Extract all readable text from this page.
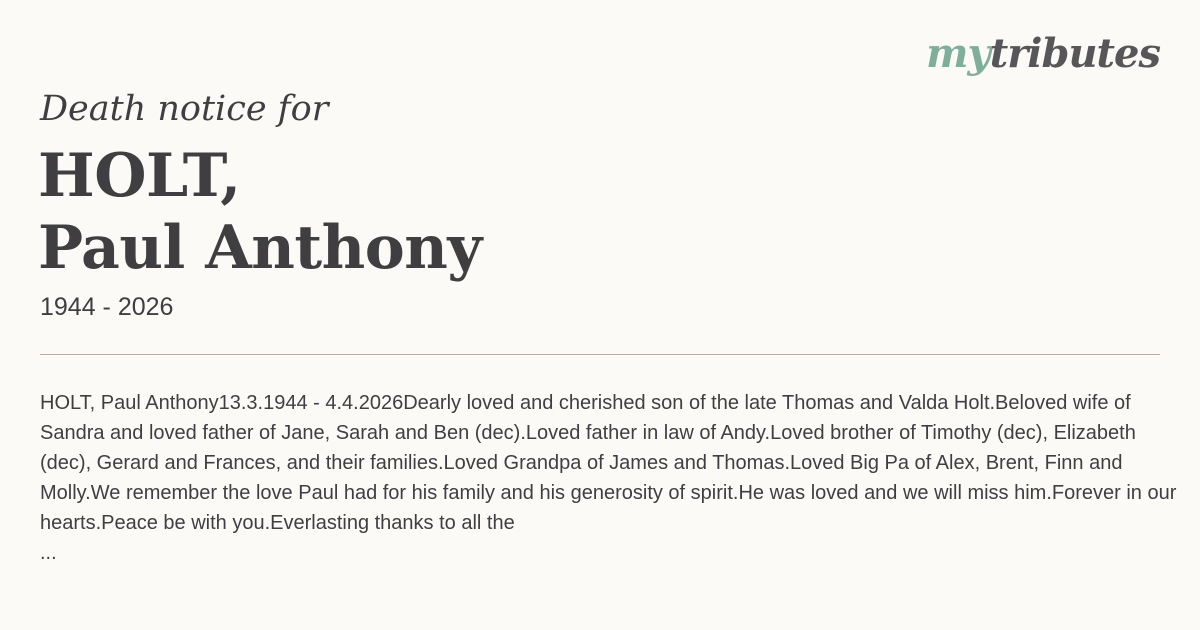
mytributes
Death notice for
HOLT,
Paul Anthony
1944 - 2026
HOLT, Paul Anthony13.3.1944 - 4.4.2026Dearly loved and cherished son of the late Thomas and Valda Holt.Beloved wife of Sandra and loved father of Jane, Sarah and Ben (dec).Loved father in law of Andy.Loved brother of Timothy (dec), Elizabeth (dec), Gerard and Frances, and their families.Loved Grandpa of James and Thomas.Loved Big Pa of Alex, Brent, Finn and Molly.We remember the love Paul had for his family and his generosity of spirit.He was loved and we will miss him.Forever in our hearts.Peace be with you.Everlasting thanks to all the
...
